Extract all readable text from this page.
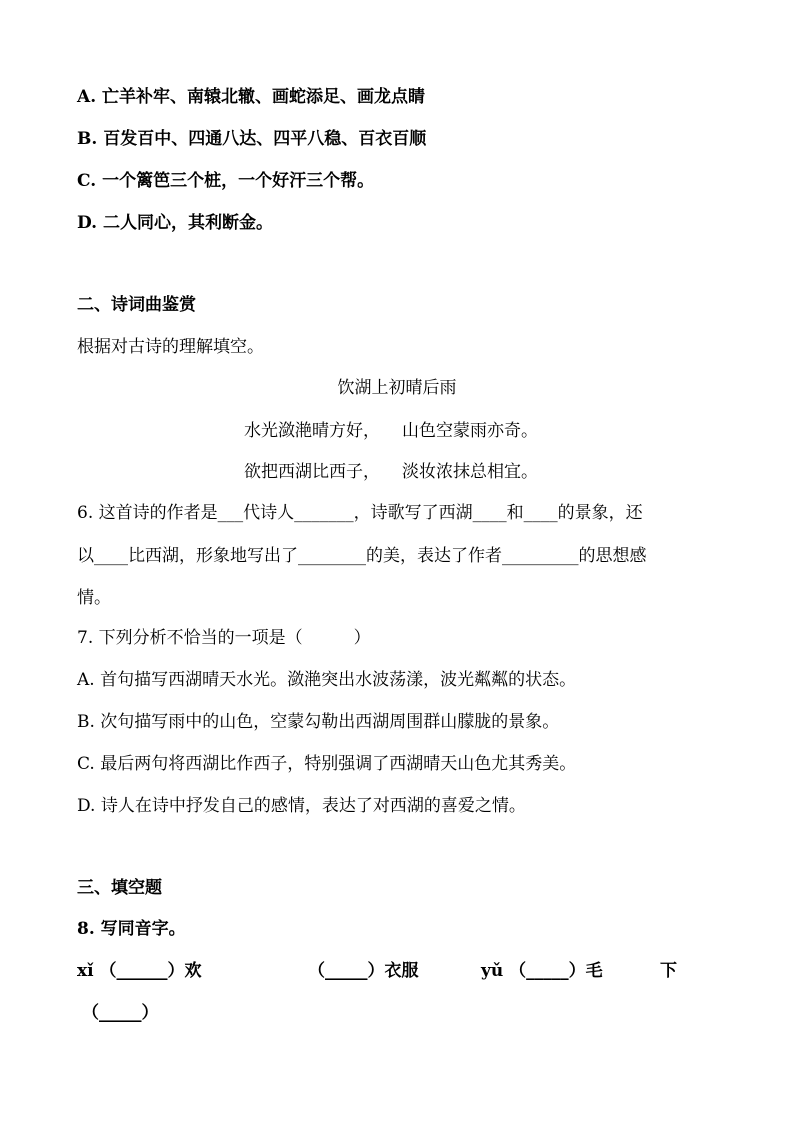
A. 亡羊补牢、南辕北辙、画蛇添足、画龙点睛
B. 百发百中、四通八达、四平八稳、百衣百顺
C. 一个篱笆三个桩，一个好汗三个帮。
D. 二人同心，其利断金。
二、诗词曲鉴赏
根据对古诗的理解填空。
饮湖上初晴后雨
水光潋滟晴方好， 山色空蒙雨亦奇。
欲把西湖比西子， 淡妆浓抹总相宜。
6. 这首诗的作者是___代诗人_______，诗歌写了西湖____和____的景象，还
以____比西湖，形象地写出了________的美，表达了作者_________的思想感
情。
7. 下列分析不恰当的一项是（　　　）
A. 首句描写西湖晴天水光。潋滟突出水波荡漾，波光粼粼的状态。
B. 次句描写雨中的山色，空蒙勾勒出西湖周围群山朦胧的景象。
C. 最后两句将西湖比作西子，特别强调了西湖晴天山色尤其秀美。
D. 诗人在诗中抒发自己的感情，表达了对西湖的喜爱之情。
三、填空题
8. 写同音字。
xǐ （______）欢	（_____）衣服	yǔ （_____）毛	下
（_____）
